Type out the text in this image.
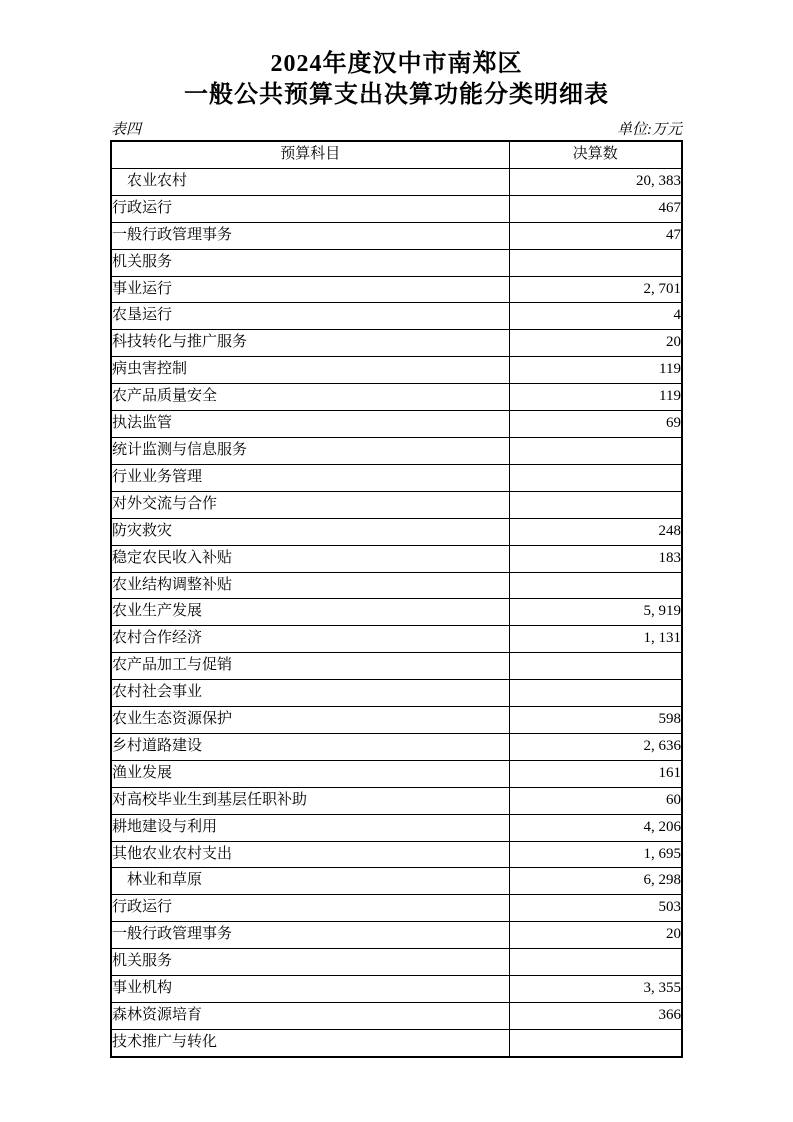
2024年度汉中市南郑区
一般公共预算支出决算功能分类明细表
表四	单位:万元
预算科目	决算数
农业农村	20, 383
行政运行	467
一般行政管理事务	47
机关服务	
事业运行	2, 701
农垦运行	4
科技转化与推广服务	20
病虫害控制	119
农产品质量安全	119
执法监管	69
统计监测与信息服务	
行业业务管理	
对外交流与合作	
防灾救灾	248
稳定农民收入补贴	183
农业结构调整补贴	
农业生产发展	5, 919
农村合作经济	1, 131
农产品加工与促销	
农村社会事业	
农业生态资源保护	598
乡村道路建设	2, 636
渔业发展	161
对高校毕业生到基层任职补助	60
耕地建设与利用	4, 206
其他农业农村支出	1, 695
林业和草原	6, 298
行政运行	503
一般行政管理事务	20
机关服务	
事业机构	3, 355
森林资源培育	366
技术推广与转化	
